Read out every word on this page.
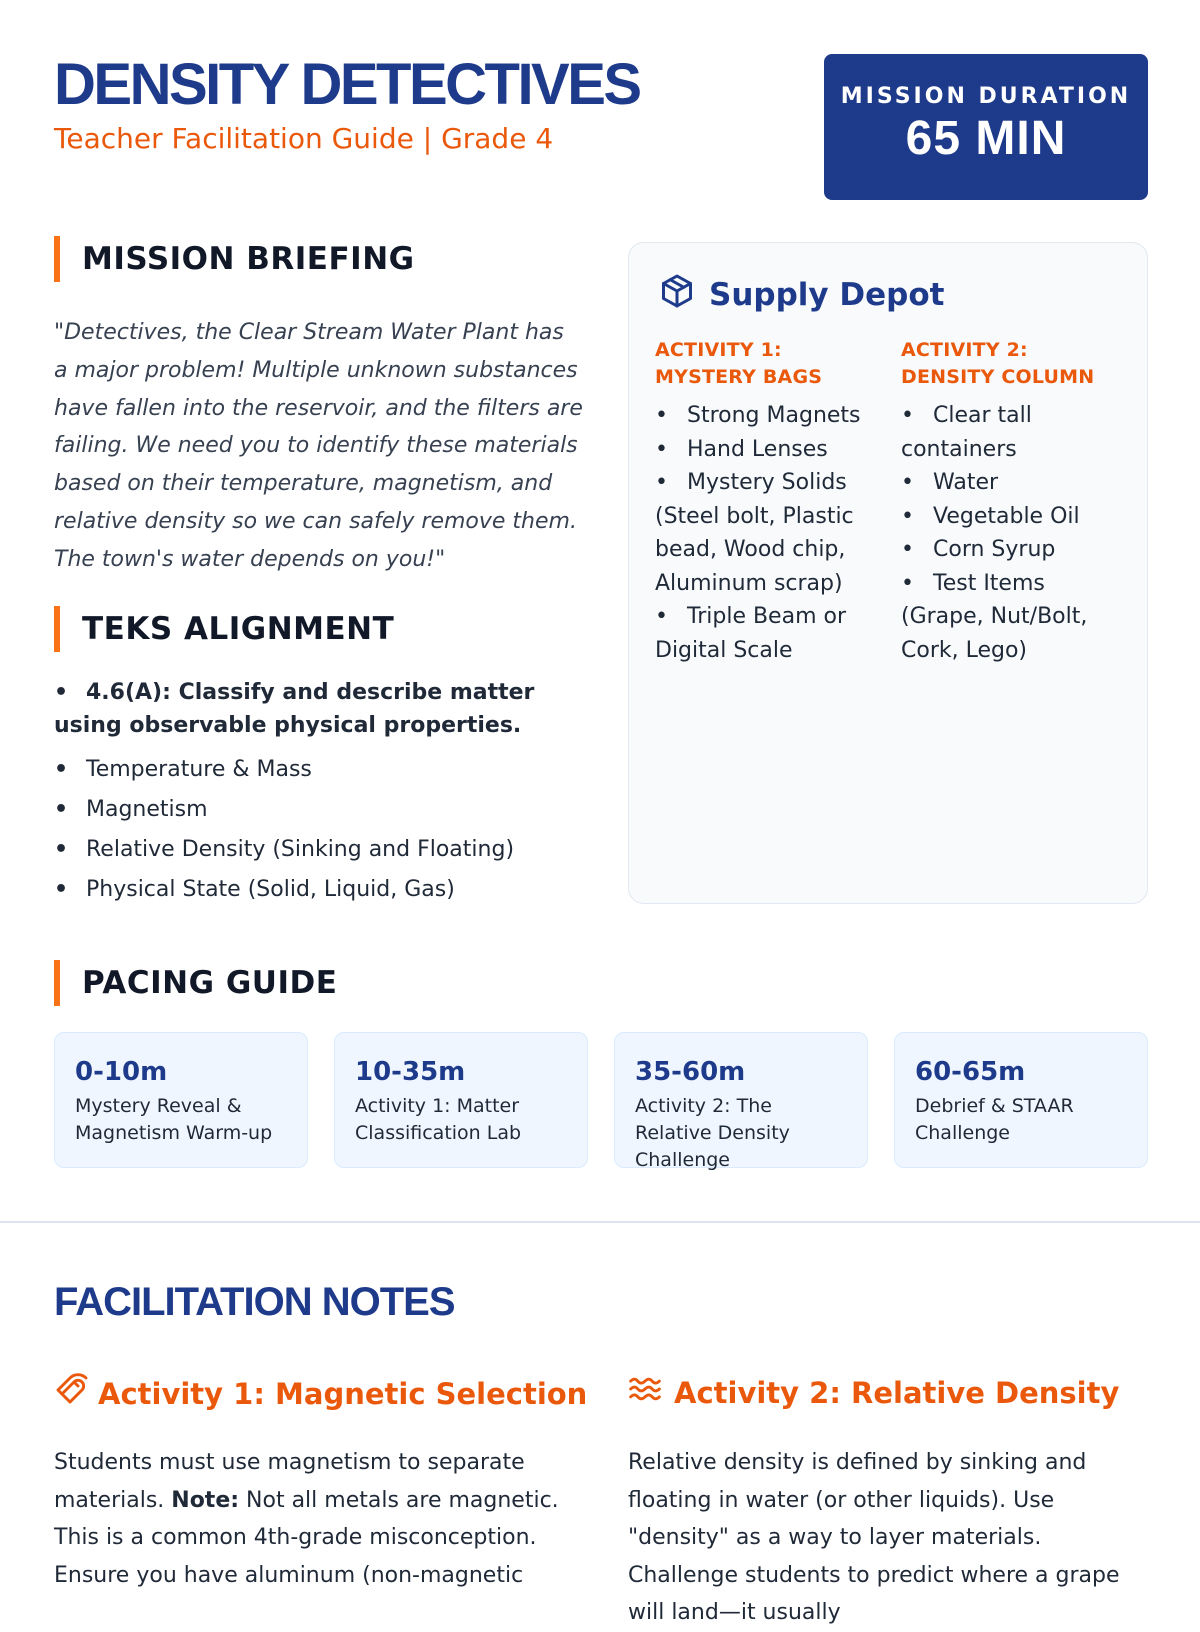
DENSITY DETECTIVES
Teacher Facilitation Guide | Grade 4
MISSION DURATION
65 MIN
MISSION BRIEFING
"Detectives, the Clear Stream Water Plant has a major problem! Multiple unknown substances have fallen into the reservoir, and the filters are failing. We need you to identify these materials based on their temperature, magnetism, and relative density so we can safely remove them. The town's water depends on you!"
TEKS ALIGNMENT
• 4.6(A): Classify and describe matter using observable physical properties.
• Temperature & Mass
• Magnetism
• Relative Density (Sinking and Floating)
• Physical State (Solid, Liquid, Gas)
Supply Depot
ACTIVITY 1: MYSTERY BAGS
• Strong Magnets
• Hand Lenses
• Mystery Solids (Steel bolt, Plastic bead, Wood chip, Aluminum scrap)
• Triple Beam or Digital Scale
ACTIVITY 2: DENSITY COLUMN
• Clear tall containers
• Water
• Vegetable Oil
• Corn Syrup
• Test Items (Grape, Nut/Bolt, Cork, Lego)
PACING GUIDE
0-10m
Mystery Reveal & Magnetism Warm-up
10-35m
Activity 1: Matter Classification Lab
35-60m
Activity 2: The Relative Density Challenge
60-65m
Debrief & STAAR Challenge
FACILITATION NOTES
Activity 1: Magnetic Selection
Students must use magnetism to separate materials. Note: Not all metals are magnetic. This is a common 4th-grade misconception. Ensure you have aluminum (non-magnetic
Activity 2: Relative Density
Relative density is defined by sinking and floating in water (or other liquids). Use "density" as a way to layer materials. Challenge students to predict where a grape will land—it usually
